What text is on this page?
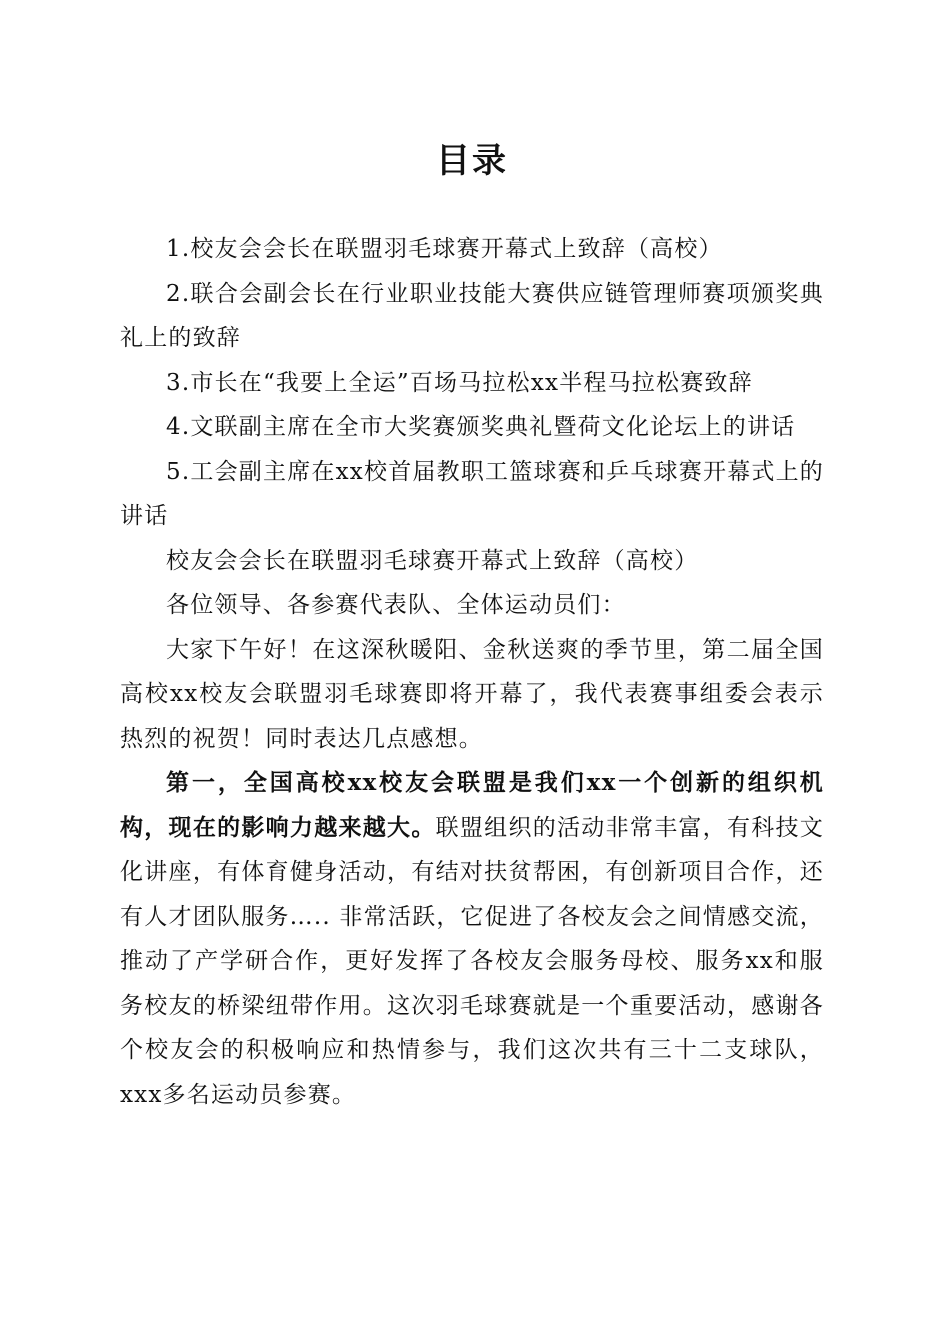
目录

1.校友会会长在联盟羽毛球赛开幕式上致辞（高校）

2.联合会副会长在行业职业技能大赛供应链管理师赛项颁奖典礼上的致辞

3.市长在“我要上全运”百场马拉松xx半程马拉松赛致辞

4.文联副主席在全市大奖赛颁奖典礼暨荷文化论坛上的讲话

5.工会副主席在xx校首届教职工篮球赛和乒乓球赛开幕式上的讲话

校友会会长在联盟羽毛球赛开幕式上致辞（高校）

各位领导、各参赛代表队、全体运动员们：

大家下午好！在这深秋暖阳、金秋送爽的季节里，第二届全国高校xx校友会联盟羽毛球赛即将开幕了，我代表赛事组委会表示热烈的祝贺！同时表达几点感想。

第一，全国高校xx校友会联盟是我们xx一个创新的组织机构，现在的影响力越来越大。联盟组织的活动非常丰富，有科技文化讲座，有体育健身活动，有结对扶贫帮困，有创新项目合作，还有人才团队服务….. 非常活跃，它促进了各校友会之间情感交流，推动了产学研合作，更好发挥了各校友会服务母校、服务xx和服务校友的桥梁纽带作用。这次羽毛球赛就是一个重要活动，感谢各个校友会的积极响应和热情参与，我们这次共有三十二支球队，xxx多名运动员参赛。
